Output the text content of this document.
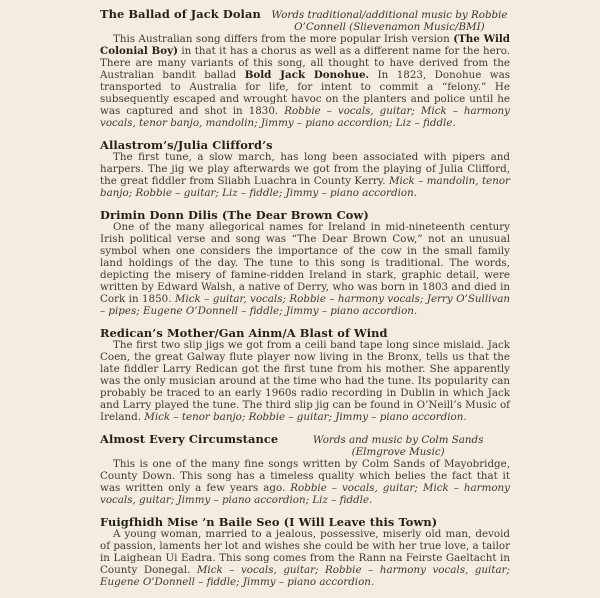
The Ballad of Jack Dolan Words traditional/additional music by Robbie O’Connell (Slievenamon Music/BMI)

This Australian song differs from the more popular Irish version (The Wild Colonial Boy) in that it has a chorus as well as a different name for the hero. There are many variants of this song, all thought to have derived from the Australian bandit ballad Bold Jack Donohue. In 1823, Donohue was transported to Australia for life, for intent to commit a “felony.” He subsequently escaped and wrought havoc on the planters and police until he was captured and shot in 1830. Robbie – vocals, guitar; Mick – harmony vocals, tenor banjo, mandolin; Jimmy – piano accordion; Liz – fiddle.

Allastrom’s/Julia Clifford’s

The first tune, a slow march, has long been associated with pipers and harpers. The jig we play afterwards we got from the playing of Julia Clifford, the great fiddler from Sliabh Luachra in County Kerry. Mick – mandolin, tenor banjo; Robbie – guitar; Liz – fiddle; Jimmy – piano accordion.

Drimin Donn Dilis (The Dear Brown Cow)

One of the many allegorical names for Ireland in mid-nineteenth century Irish political verse and song was “The Dear Brown Cow,” not an unusual symbol when one considers the importance of the cow in the small family land holdings of the day. The tune to this song is traditional. The words, depicting the misery of famine-ridden Ireland in stark, graphic detail, were written by Edward Walsh, a native of Derry, who was born in 1803 and died in Cork in 1850. Mick – guitar, vocals; Robbie – harmony vocals; Jerry O’Sullivan – pipes; Eugene O’Donnell – fiddle; Jimmy – piano accordion.

Redican’s Mother/Gan Ainm/A Blast of Wind

The first two slip jigs we got from a ceili band tape long since mislaid. Jack Coen, the great Galway flute player now living in the Bronx, tells us that the late fiddler Larry Redican got the first tune from his mother. She apparently was the only musician around at the time who had the tune. Its popularity can probably be traced to an early 1960s radio recording in Dublin in which Jack and Larry played the tune. The third slip jig can be found in O’Neill’s Music of Ireland. Mick – tenor banjo; Robbie – guitar; Jimmy – piano accordion.

Almost Every Circumstance	Words and music by Colm Sands (Elmgrove Music)

This is one of the many fine songs written by Colm Sands of Mayobridge, County Down. This song has a timeless quality which belies the fact that it was written only a few years ago. Robbie – vocals, guitar; Mick – harmony vocals, guitar; Jimmy – piano accordion; Liz – fiddle.

Fuigfhidh Mise ’n Baile Seo (I Will Leave this Town)

A young woman, married to a jealous, possessive, miserly old man, devoid of passion, laments her lot and wishes she could be with her true love, a tailor in Laighean Ui Eadra. This song comes from the Rann na Feirste Gaeltacht in County Donegal. Mick – vocals, guitar; Robbie – harmony vocals, guitar; Eugene O’Donnell – fiddle; Jimmy – piano accordion.
